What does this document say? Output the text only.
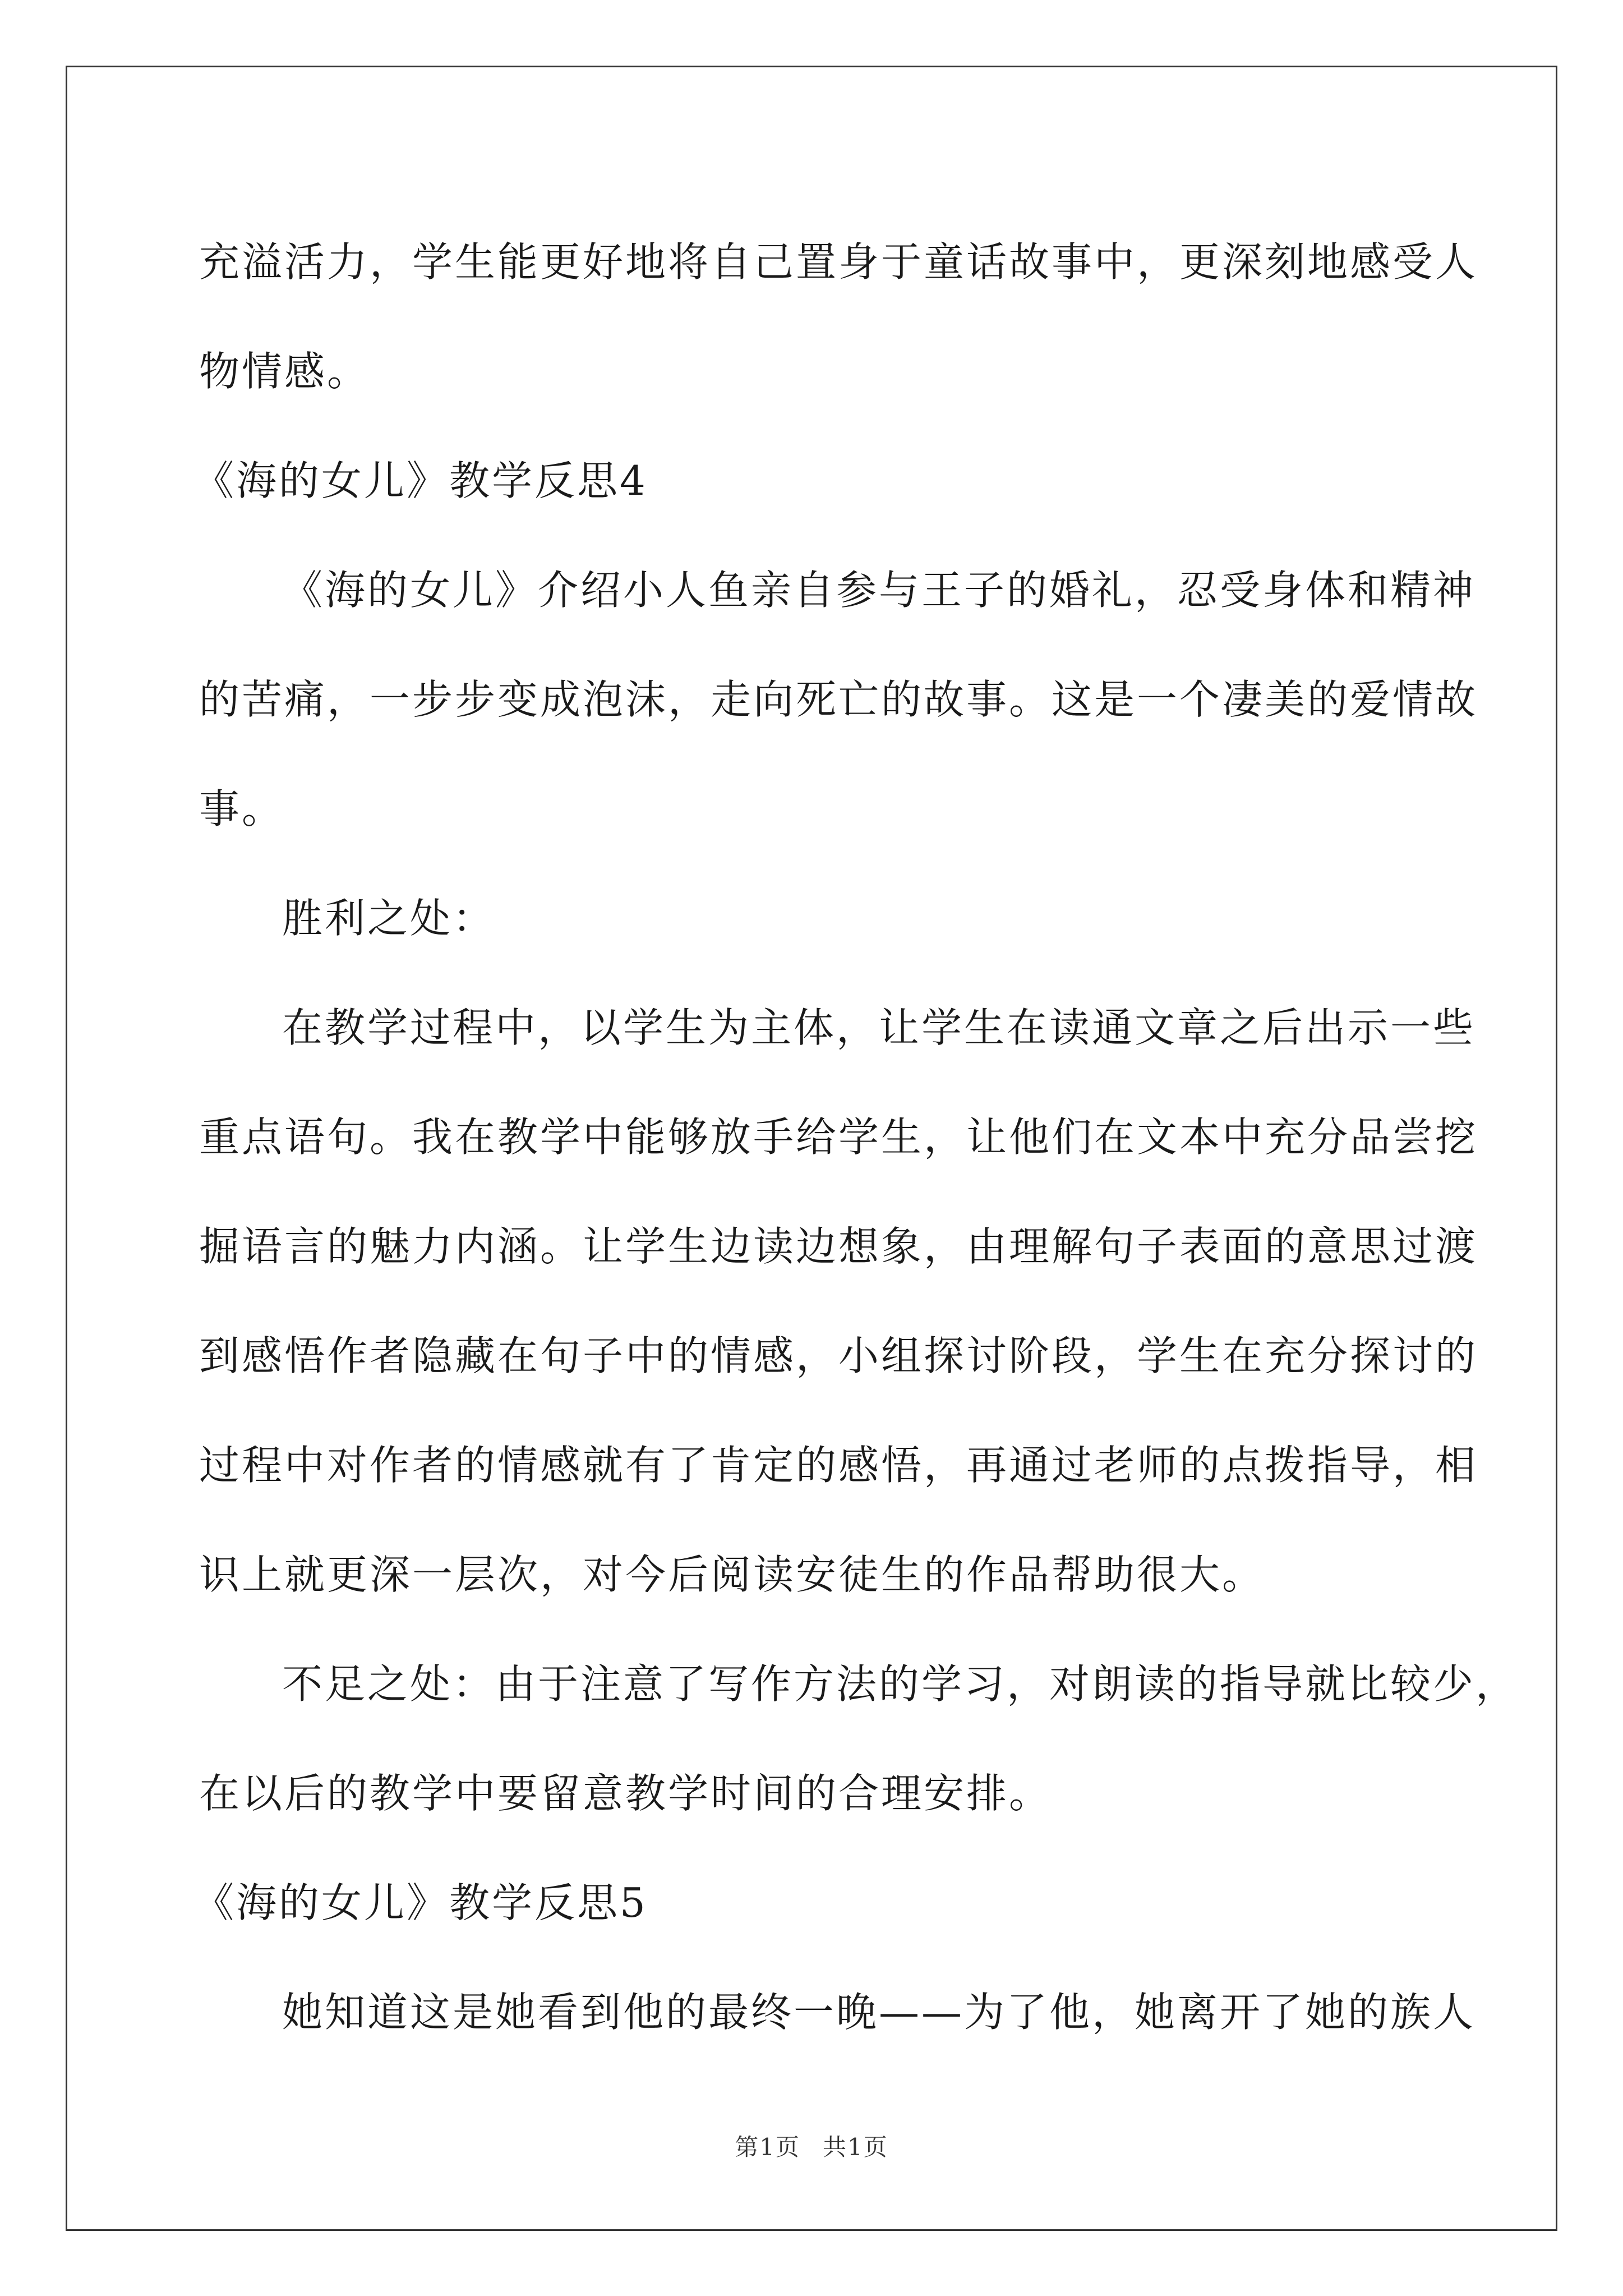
充溢活力，学生能更好地将自己置身于童话故事中，更深刻地感受人
物情感。
《海的女儿》教学反思4
《海的女儿》介绍小人鱼亲自参与王子的婚礼，忍受身体和精神
的苦痛，一步步变成泡沫，走向死亡的故事。这是一个凄美的爱情故
事。
胜利之处：
在教学过程中，以学生为主体，让学生在读通文章之后出示一些
重点语句。我在教学中能够放手给学生，让他们在文本中充分品尝挖
掘语言的魅力内涵。让学生边读边想象，由理解句子表面的意思过渡
到感悟作者隐藏在句子中的情感，小组探讨阶段，学生在充分探讨的
过程中对作者的情感就有了肯定的感悟，再通过老师的点拨指导，相
识上就更深一层次，对今后阅读安徒生的作品帮助很大。
不足之处：由于注意了写作方法的学习，对朗读的指导就比较少，
在以后的教学中要留意教学时间的合理安排。
《海的女儿》教学反思5
她知道这是她看到他的最终一晚——为了他，她离开了她的族人
第1页 共1页
